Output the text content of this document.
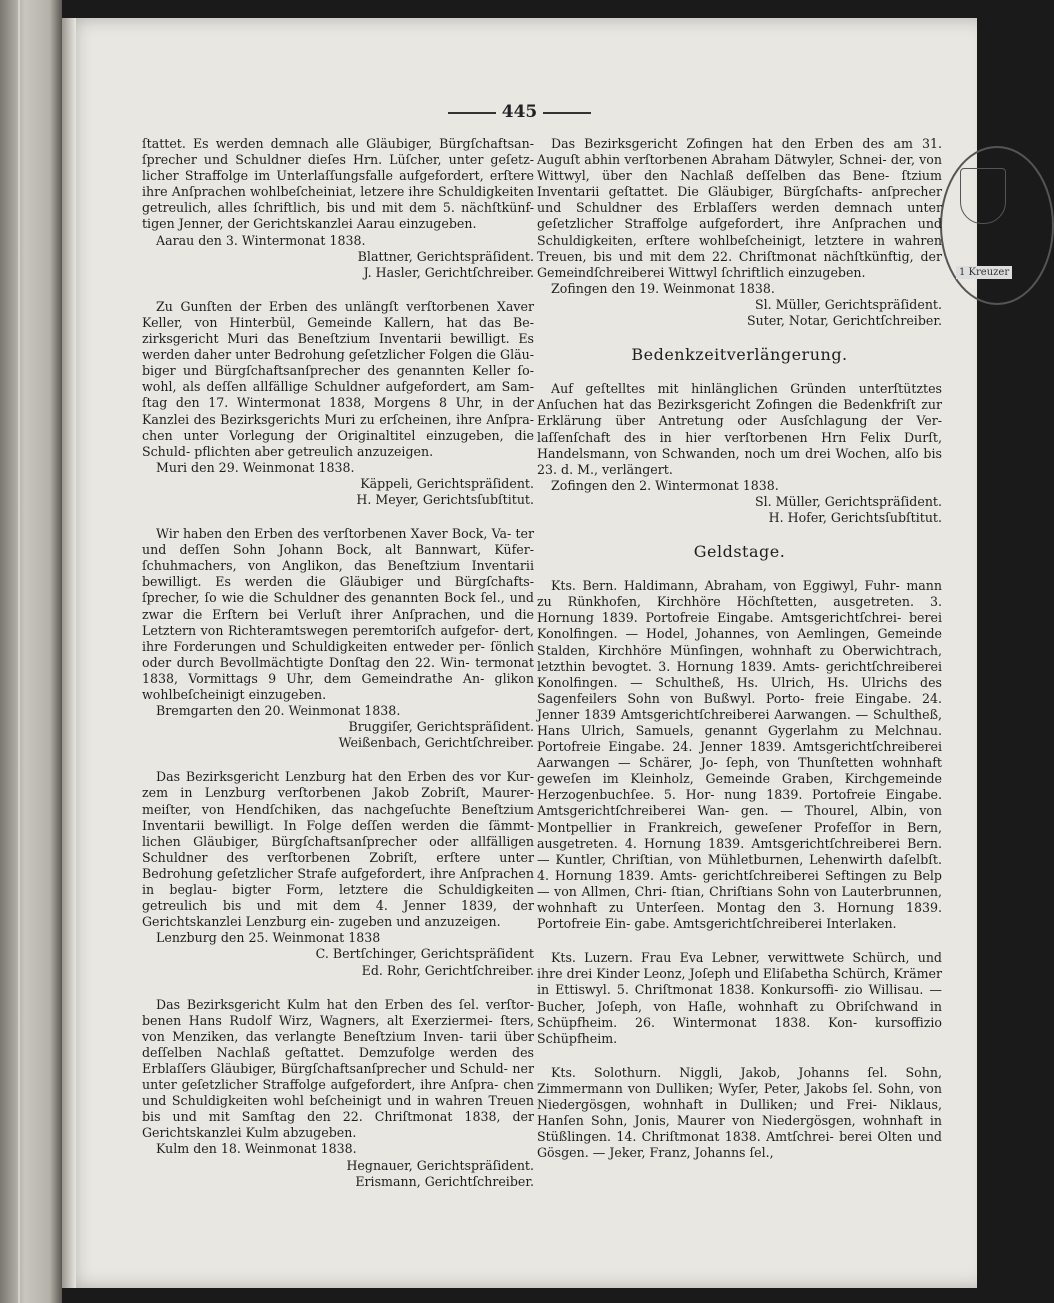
445
1 Kreuzer

ſtattet. Es werden demnach alle Gläubiger, Bürgſchaftsan- ſprecher und Schuldner dieſes Hrn. Lüſcher, unter geſetz- licher Straffolge im Unterlaſſungsfalle aufgefordert, erſtere ihre Anſprachen wohlbeſcheiniat, letzere ihre Schuldigkeiten getreulich, alles ſchriftlich, bis und mit dem 5. nächſtkünf- tigen Jenner, der Gerichtskanzlei Aarau einzugeben.

Aarau den 3. Wintermonat 1838.

Blattner, Gerichtspräſident.

J. Hasler, Gerichtſchreiber.

Zu Gunſten der Erben des unlängſt verſtorbenen Xaver Keller, von Hinterbül, Gemeinde Kallern, hat das Be- zirksgericht Muri das Beneſtzium Inventarii bewilligt. Es werden daher unter Bedrohung geſetzlicher Folgen die Gläu- biger und Bürgſchaftsanſprecher des genannten Keller ſo- wohl, als deſſen allfällige Schuldner aufgefordert, am Sam- ſtag den 17. Wintermonat 1838, Morgens 8 Uhr, in der Kanzlei des Bezirksgerichts Muri zu erſcheinen, ihre Anſpra- chen unter Vorlegung der Originaltitel einzugeben, die Schuld- pflichten aber getreulich anzuzeigen.

Muri den 29. Weinmonat 1838.

Käppeli, Gerichtspräſident.

H. Meyer, Gerichtsſubſtitut.

Wir haben den Erben des verſtorbenen Xaver Bock, Va- ter und deſſen Sohn Johann Bock, alt Bannwart, Küfer- ſchuhmachers, von Anglikon, das Beneſtzium Inventarii bewilligt. Es werden die Gläubiger und Bürgſchafts- ſprecher, ſo wie die Schuldner des genannten Bock ſel., und zwar die Erſtern bei Verluſt ihrer Anſprachen, und die Letztern von Richteramtswegen peremtoriſch aufgefor- dert, ihre Forderungen und Schuldigkeiten entweder per- ſönlich oder durch Bevollmächtigte Donſtag den 22. Win- termonat 1838, Vormittags 9 Uhr, dem Gemeindrathe An- glikon wohlbeſcheinigt einzugeben.

Bremgarten den 20. Weinmonat 1838.

Bruggiſer, Gerichtspräſident.

Weißenbach, Gerichtſchreiber.

Das Bezirksgericht Lenzburg hat den Erben des vor Kur- zem in Lenzburg verſtorbenen Jakob Zobriſt, Maurer- meiſter, von Hendſchiken, das nachgeſuchte Beneſtzium Inventarii bewilligt. In Folge deſſen werden die ſämmt- lichen Gläubiger, Bürgſchaftsanſprecher oder allfälligen Schuldner des verſtorbenen Zobriſt, erſtere unter Bedrohung geſetzlicher Strafe aufgefordert, ihre Anſprachen in beglau- bigter Form, letztere die Schuldigkeiten getreulich bis und mit dem 4. Jenner 1839, der Gerichtskanzlei Lenzburg ein- zugeben und anzuzeigen.

Lenzburg den 25. Weinmonat 1838

C. Bertſchinger, Gerichtspräſident

Ed. Rohr, Gerichtſchreiber.

Das Bezirksgericht Kulm hat den Erben des ſel. verſtor- benen Hans Rudolf Wirz, Wagners, alt Exerziermei- ſters, von Menziken, das verlangte Beneſtzium Inven- tarii über deſſelben Nachlaß geſtattet. Demzufolge werden des Erblaſſers Gläubiger, Bürgſchaftsanſprecher und Schuld- ner unter geſetzlicher Straffolge aufgefordert, ihre Anſpra- chen und Schuldigkeiten wohl beſcheinigt und in wahren Treuen bis und mit Samſtag den 22. Chriſtmonat 1838, der Gerichtskanzlei Kulm abzugeben.

Kulm den 18. Weinmonat 1838.

Hegnauer, Gerichtspräſident.

Erismann, Gerichtſchreiber.

Das Bezirksgericht Zofingen hat den Erben des am 31. Auguſt abhin verſtorbenen Abraham Dätwyler, Schnei- der, von Wittwyl, über den Nachlaß deſſelben das Bene- ſtzium Inventarii geſtattet. Die Gläubiger, Bürgſchafts- anſprecher und Schuldner des Erblaſſers werden demnach unter geſetzlicher Straffolge aufgefordert, ihre Anſprachen und Schuldigkeiten, erſtere wohlbeſcheinigt, letztere in wahren Treuen, bis und mit dem 22. Chriſtmonat nächſtkünftig, der Gemeindſchreiberei Wittwyl ſchriftlich einzugeben.

Zofingen den 19. Weinmonat 1838.

Sl. Müller, Gerichtspräſident.

Suter, Notar, Gerichtſchreiber.

Bedenkzeitverlängerung.

Auf geſtelltes mit hinlänglichen Gründen unterſtütztes Anſuchen hat das Bezirksgericht Zofingen die Bedenkfriſt zur Erklärung über Antretung oder Ausſchlagung der Ver- laſſenſchaft des in hier verſtorbenen Hrn Felix Durſt, Handelsmann, von Schwanden, noch um drei Wochen, alſo bis 23. d. M., verlängert.

Zofingen den 2. Wintermonat 1838.

Sl. Müller, Gerichtspräſident.

H. Hofer, Gerichtsſubſtitut.

Geldstage.

Kts. Bern. Haldimann, Abraham, von Eggiwyl, Fuhr- mann zu Rünkhofen, Kirchhöre Höchſtetten, ausgetreten. 3. Hornung 1839. Portofreie Eingabe. Amtsgerichtſchrei- berei Konolfingen. — Hodel, Johannes, von Aemlingen, Gemeinde Stalden, Kirchhöre Münſingen, wohnhaft zu Oberwichtrach, letzthin bevogtet. 3. Hornung 1839. Amts- gerichtſchreiberei Konolfingen. — Schultheß, Hs. Ulrich, Hs. Ulrichs des Sagenfeilers Sohn von Bußwyl. Porto- freie Eingabe. 24. Jenner 1839 Amtsgerichtſchreiberei Aarwangen. — Schultheß, Hans Ulrich, Samuels, genannt Gygerlahm zu Melchnau. Portofreie Eingabe. 24. Jenner 1839. Amtsgerichtſchreiberei Aarwangen — Schärer, Jo- ſeph, von Thunſtetten wohnhaft geweſen im Kleinholz, Gemeinde Graben, Kirchgemeinde Herzogenbuchſee. 5. Hor- nung 1839. Portofreie Eingabe. Amtsgerichtſchreiberei Wan- gen. — Thourel, Albin, von Montpellier in Frankreich, geweſener Profeſſor in Bern, ausgetreten. 4. Hornung 1839. Amtsgerichtſchreiberei Bern. — Kuntler, Chriſtian, von Mühletburnen, Lehenwirth daſelbſt. 4. Hornung 1839. Amts- gerichtſchreiberei Seftingen zu Belp — von Allmen, Chri- ſtian, Chriſtians Sohn von Lauterbrunnen, wohnhaft zu Unterſeen. Montag den 3. Hornung 1839. Portofreie Ein- gabe. Amtsgerichtſchreiberei Interlaken.

Kts. Luzern. Frau Eva Lebner, verwittwete Schürch, und ihre drei Kinder Leonz, Joſeph und Eliſabetha Schürch, Krämer in Ettiswyl. 5. Chriſtmonat 1838. Konkursoffi- zio Willisau. — Bucher, Joſeph, von Haſle, wohnhaft zu Obriſchwand in Schüpfheim. 26. Wintermonat 1838. Kon- kursoffizio Schüpfheim.

Kts. Solothurn. Niggli, Jakob, Johanns ſel. Sohn, Zimmermann von Dulliken; Wyſer, Peter, Jakobs ſel. Sohn, von Niedergösgen, wohnhaft in Dulliken; und Frei- Niklaus, Hanſen Sohn, Jonis, Maurer von Niedergösgen, wohnhaft in Stüßlingen. 14. Chriſtmonat 1838. Amtſchrei- berei Olten und Gösgen. — Jeker, Franz, Johanns ſel.,
